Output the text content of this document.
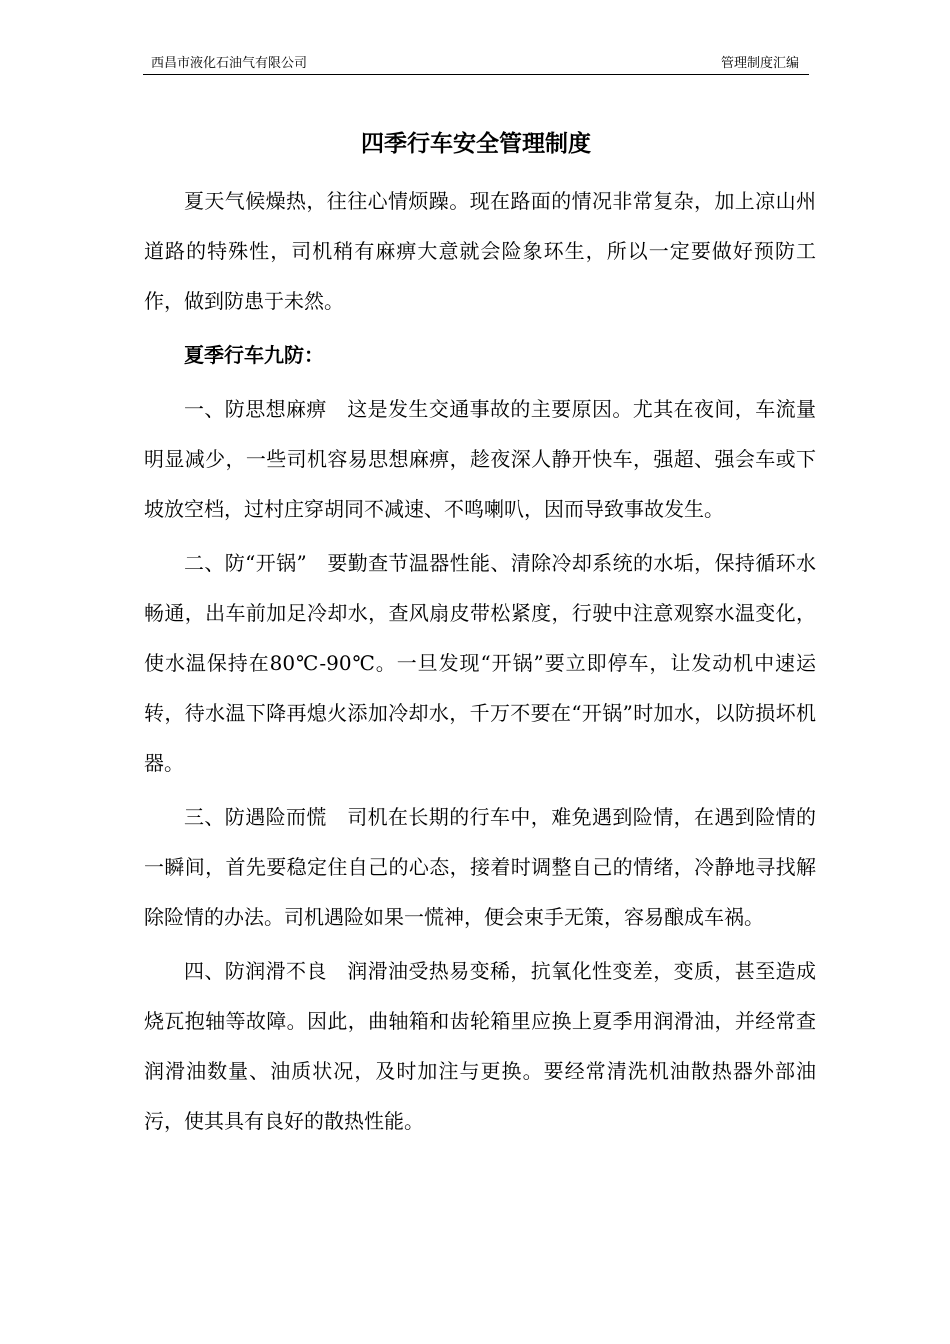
西昌市液化石油气有限公司	管理制度汇编
四季行车安全管理制度

夏天气候燥热，往往心情烦躁。现在路面的情况非常复杂，加上凉山州道路的特殊性，司机稍有麻痹大意就会险象环生，所以一定要做好预防工作，做到防患于未然。

夏季行车九防：

一、防思想麻痹　这是发生交通事故的主要原因。尤其在夜间，车流量明显减少，一些司机容易思想麻痹，趁夜深人静开快车，强超、强会车或下坡放空档，过村庄穿胡同不减速、不鸣喇叭，因而导致事故发生。

二、防“开锅”　要勤查节温器性能、清除冷却系统的水垢，保持循环水畅通，出车前加足冷却水，查风扇皮带松紧度，行驶中注意观察水温变化，使水温保持在80℃-90℃。一旦发现“开锅”要立即停车，让发动机中速运转，待水温下降再熄火添加冷却水，千万不要在“开锅”时加水，以防损坏机器。

三、防遇险而慌　司机在长期的行车中，难免遇到险情，在遇到险情的一瞬间，首先要稳定住自己的心态，接着时调整自己的情绪，冷静地寻找解除险情的办法。司机遇险如果一慌神，便会束手无策，容易酿成车祸。

四、防润滑不良　润滑油受热易变稀，抗氧化性变差，变质，甚至造成烧瓦抱轴等故障。因此，曲轴箱和齿轮箱里应换上夏季用润滑油，并经常查润滑油数量、油质状况，及时加注与更换。要经常清洗机油散热器外部油污，使其具有良好的散热性能。
